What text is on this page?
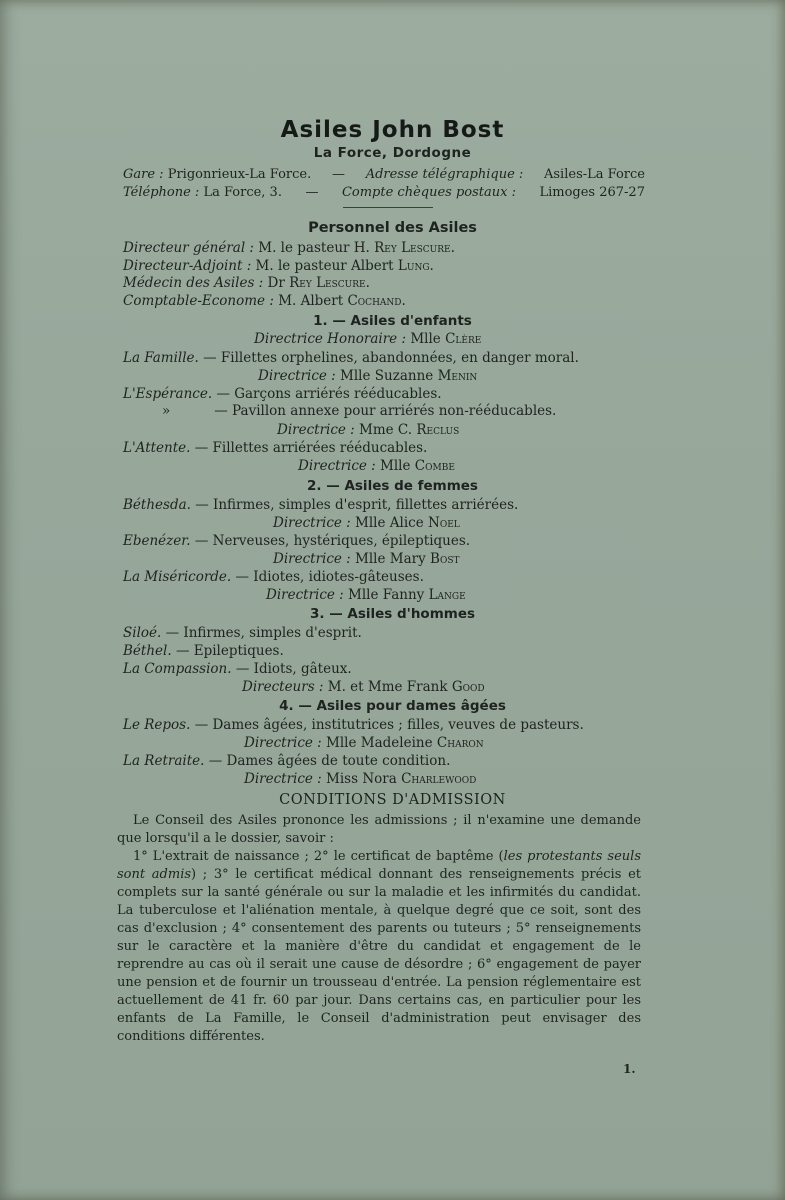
Asiles John Bost
La Force, Dordogne
Gare : Prigonrieux-La Force. — Adresse télégraphique : Asiles-La Force
Téléphone : La Force, 3. — Compte chèques postaux : Limoges 267-27
Personnel des Asiles
Directeur général : M. le pasteur H. Rey Lescure.
Directeur-Adjoint : M. le pasteur Albert Lung.
Médecin des Asiles : Dr Rey Lescure.
Comptable-Econome : M. Albert Cochand.
1. — Asiles d'enfants
Directrice Honoraire : Mlle Clère
La Famille. — Fillettes orphelines, abandonnées, en danger moral.
Directrice : Mlle Suzanne Menin
L'Espérance. — Garçons arriérés rééducables.
»	— Pavillon annexe pour arriérés non-rééducables.
Directrice : Mme C. Reclus
L'Attente. — Fillettes arriérées rééducables.
Directrice : Mlle Combe
2. — Asiles de femmes
Béthesda. — Infirmes, simples d'esprit, fillettes arriérées.
Directrice : Mlle Alice Noel
Ebenézer. — Nerveuses, hystériques, épileptiques.
Directrice : Mlle Mary Bost
La Miséricorde. — Idiotes, idiotes-gâteuses.
Directrice : Mlle Fanny Lange
3. — Asiles d'hommes
Siloé. — Infirmes, simples d'esprit.
Béthel. — Epileptiques.
La Compassion. — Idiots, gâteux.
Directeurs : M. et Mme Frank Good
4. — Asiles pour dames âgées
Le Repos. — Dames âgées, institutrices ; filles, veuves de pasteurs.
Directrice : Mlle Madeleine Charon
La Retraite. — Dames âgées de toute condition.
Directrice : Miss Nora Charlewood
CONDITIONS D'ADMISSION

Le Conseil des Asiles prononce les admissions ; il n'examine une demande que lorsqu'il a le dossier, savoir :

1° L'extrait de naissance ; 2° le certificat de baptême (les protestants seuls sont admis) ; 3° le certificat médical donnant des renseignements précis et complets sur la santé générale ou sur la maladie et les infirmités du candidat. La tuberculose et l'aliénation mentale, à quelque degré que ce soit, sont des cas d'exclusion ; 4° consentement des parents ou tuteurs ; 5° renseignements sur le caractère et la manière d'être du candidat et engagement de le reprendre au cas où il serait une cause de désordre ; 6° engagement de payer une pension et de fournir un trousseau d'entrée. La pension réglementaire est actuellement de 41 fr. 60 par jour. Dans certains cas, en particulier pour les enfants de La Famille, le Conseil d'administration peut envisager des conditions différentes.

1.
